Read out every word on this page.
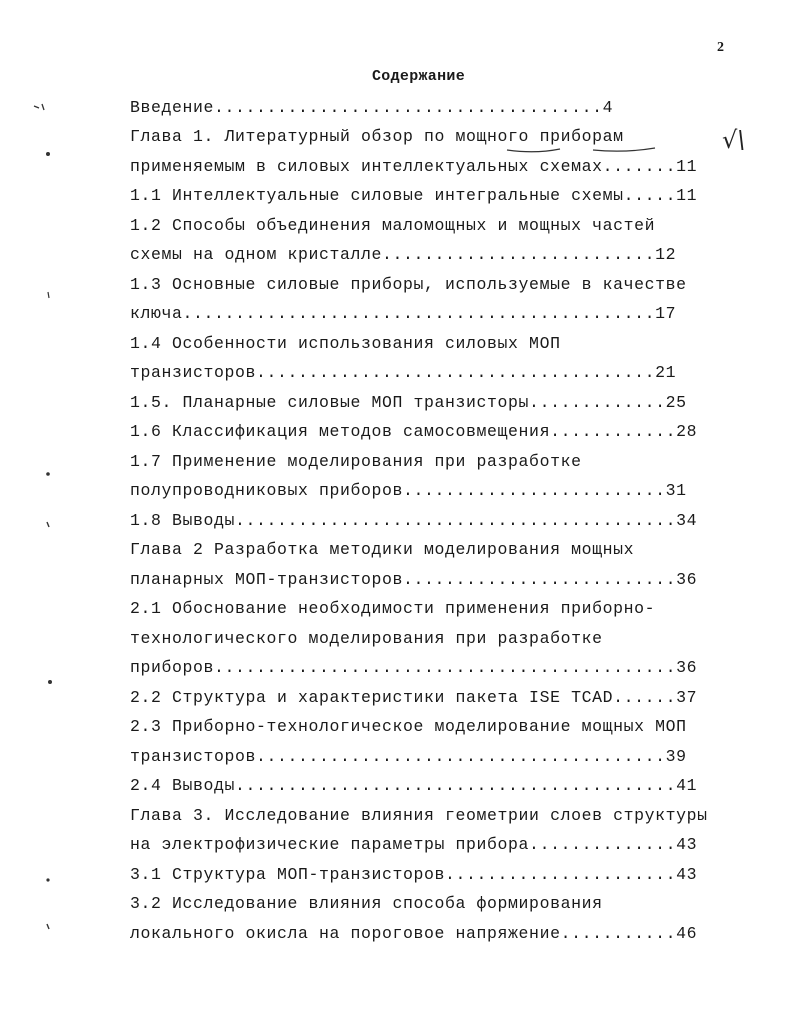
2
Содержание
Введение.....................................4
Глава 1. Литературный обзор по мощного приборам
применяемым в силовых интеллектуальных схемах.......11
1.1 Интеллектуальные силовые интегральные схемы.....11
1.2 Способы объединения маломощных и мощных частей
схемы на одном кристалле..........................12
1.3 Основные силовые приборы, используемые в качестве
ключа.............................................17
1.4 Особенности использования силовых МОП
транзисторов......................................21
1.5. Планарные силовые МОП транзисторы.............25
1.6 Классификация методов самосовмещения............28
1.7 Применение моделирования при разработке
полупроводниковых приборов.........................31
1.8 Выводы..........................................34
Глава 2 Разработка методики моделирования мощных
планарных МОП-транзисторов..........................36
2.1 Обоснование необходимости применения приборно-
технологического моделирования при разработке
приборов............................................36
2.2 Структура и характеристики пакета ISE TCAD......37
2.3 Приборно-технологическое моделирование мощных МОП
транзисторов.......................................39
2.4 Выводы..........................................41
Глава 3. Исследование влияния геометрии слоев структуры
на электрофизические параметры прибора..............43
3.1 Структура МОП-транзисторов......................43
3.2 Исследование влияния способа формирования
локального окисла на пороговое напряжение...........46
√\
